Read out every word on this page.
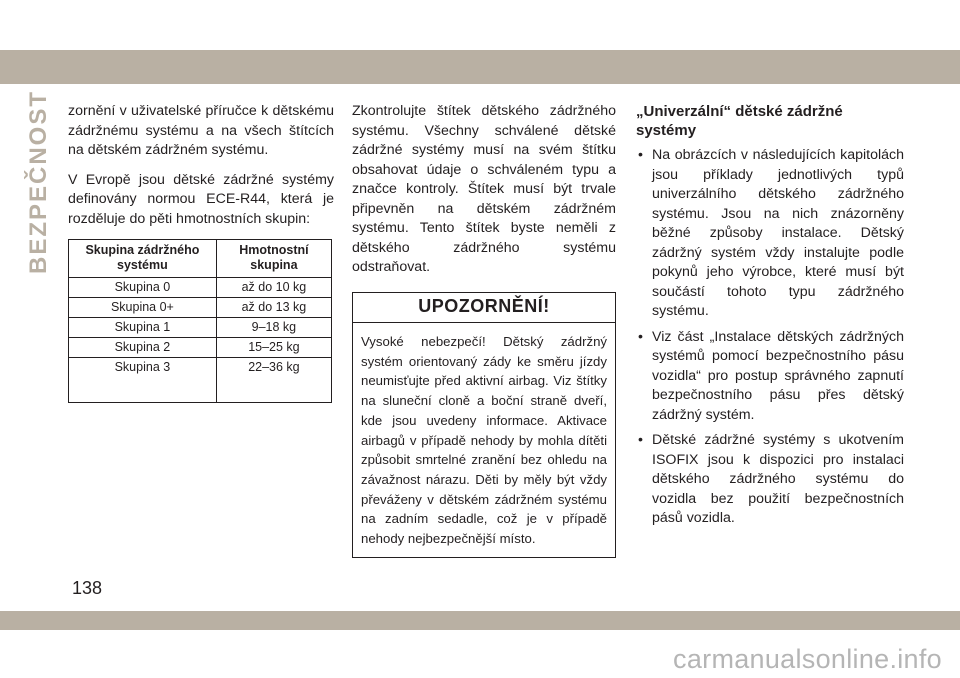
BEZPEČNOST zornění v uživatelské příručce k dětskému zádržnému systému a na všech štítcích na dětském zádržném systému.

V Evropě jsou dětské zádržné systémy definovány normou ECE-R44, která je rozděluje do pěti hmotnostních skupin:

Skupina zádržného systému	Hmotnostní skupina
Skupina 0	až do 10 kg
Skupina 0+	až do 13 kg
Skupina 1	9–18 kg
Skupina 2	15–25 kg
Skupina 3	22–36 kg

Zkontrolujte štítek dětského zádržného systému. Všechny schválené dětské zádržné systémy musí na svém štítku obsahovat údaje o schváleném typu a značce kontroly. Štítek musí být trvale připevněn na dětském zádržném systému. Tento štítek byste neměli z dětského zádržného systému odstraňovat.

UPOZORNĚNÍ!
Vysoké nebezpečí! Dětský zádržný systém orientovaný zády ke směru jízdy neumisťujte před aktivní airbag. Viz štítky na sluneční cloně a boční straně dveří, kde jsou uvedeny informace. Aktivace airbagů v případě nehody by mohla dítěti způsobit smrtelné zranění bez ohledu na závažnost nárazu. Děti by měly být vždy převáženy v dětském zádržném systému na zadním sedadle, což je v případě nehody nejbezpečnější místo.
„Univerzální“ dětské zádržné systémy
• Na obrázcích v následujících kapitolách jsou příklady jednotlivých typů univerzálního dětského zádržného systému. Jsou na nich znázorněny běžné způsoby instalace. Dětský zádržný systém vždy instalujte podle pokynů jeho výrobce, které musí být součástí tohoto typu zádržného systému.
• Viz část „Instalace dětských zádržných systémů pomocí bezpečnostního pásu vozidla“ pro postup správného zapnutí bezpečnostního pásu přes dětský zádržný systém.
• Dětské zádržné systémy s ukotvením ISOFIX jsou k dispozici pro instalaci dětského zádržného systému do vozidla bez použití bezpečnostních pásů vozidla.
138
carmanualsonline.info
